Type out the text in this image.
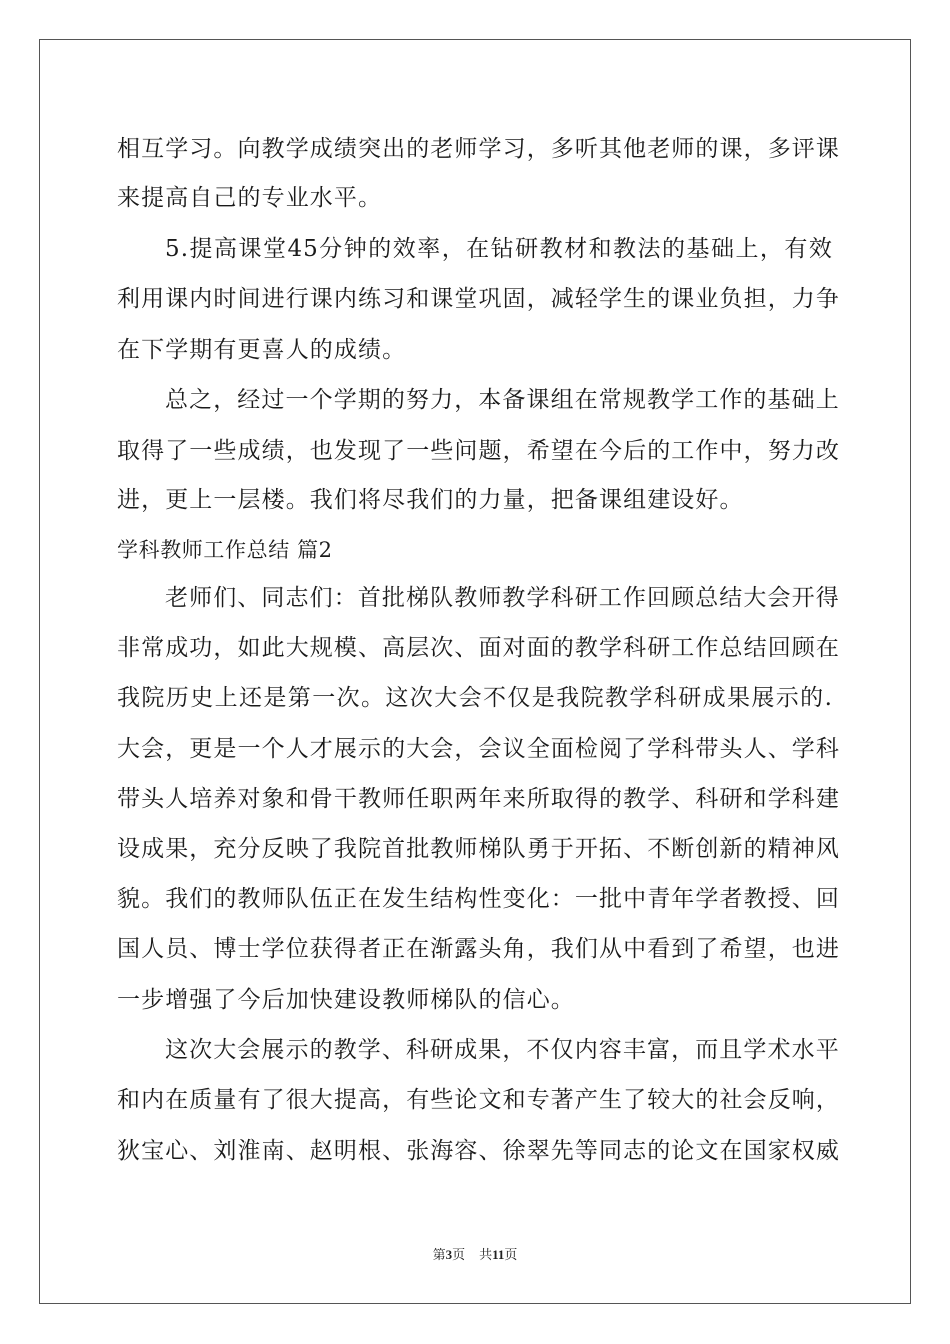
相互学习。向教学成绩突出的老师学习，多听其他老师的课，多评课
来提高自己的专业水平。
5.提高课堂45分钟的效率，在钻研教材和教法的基础上，有效
利用课内时间进行课内练习和课堂巩固，减轻学生的课业负担，力争
在下学期有更喜人的成绩。
总之，经过一个学期的努力，本备课组在常规教学工作的基础上
取得了一些成绩，也发现了一些问题，希望在今后的工作中，努力改
进，更上一层楼。我们将尽我们的力量，把备课组建设好。
学科教师工作总结 篇2
老师们、同志们：首批梯队教师教学科研工作回顾总结大会开得
非常成功，如此大规模、高层次、面对面的教学科研工作总结回顾在
我院历史上还是第一次。这次大会不仅是我院教学科研成果展示的.
大会，更是一个人才展示的大会，会议全面检阅了学科带头人、学科
带头人培养对象和骨干教师任职两年来所取得的教学、科研和学科建
设成果，充分反映了我院首批教师梯队勇于开拓、不断创新的精神风
貌。我们的教师队伍正在发生结构性变化：一批中青年学者教授、回
国人员、博士学位获得者正在渐露头角，我们从中看到了希望，也进
一步增强了今后加快建设教师梯队的信心。
这次大会展示的教学、科研成果，不仅内容丰富，而且学术水平
和内在质量有了很大提高，有些论文和专著产生了较大的社会反响，
狄宝心、刘淮南、赵明根、张海容、徐翠先等同志的论文在国家权威
第3页 共11页
